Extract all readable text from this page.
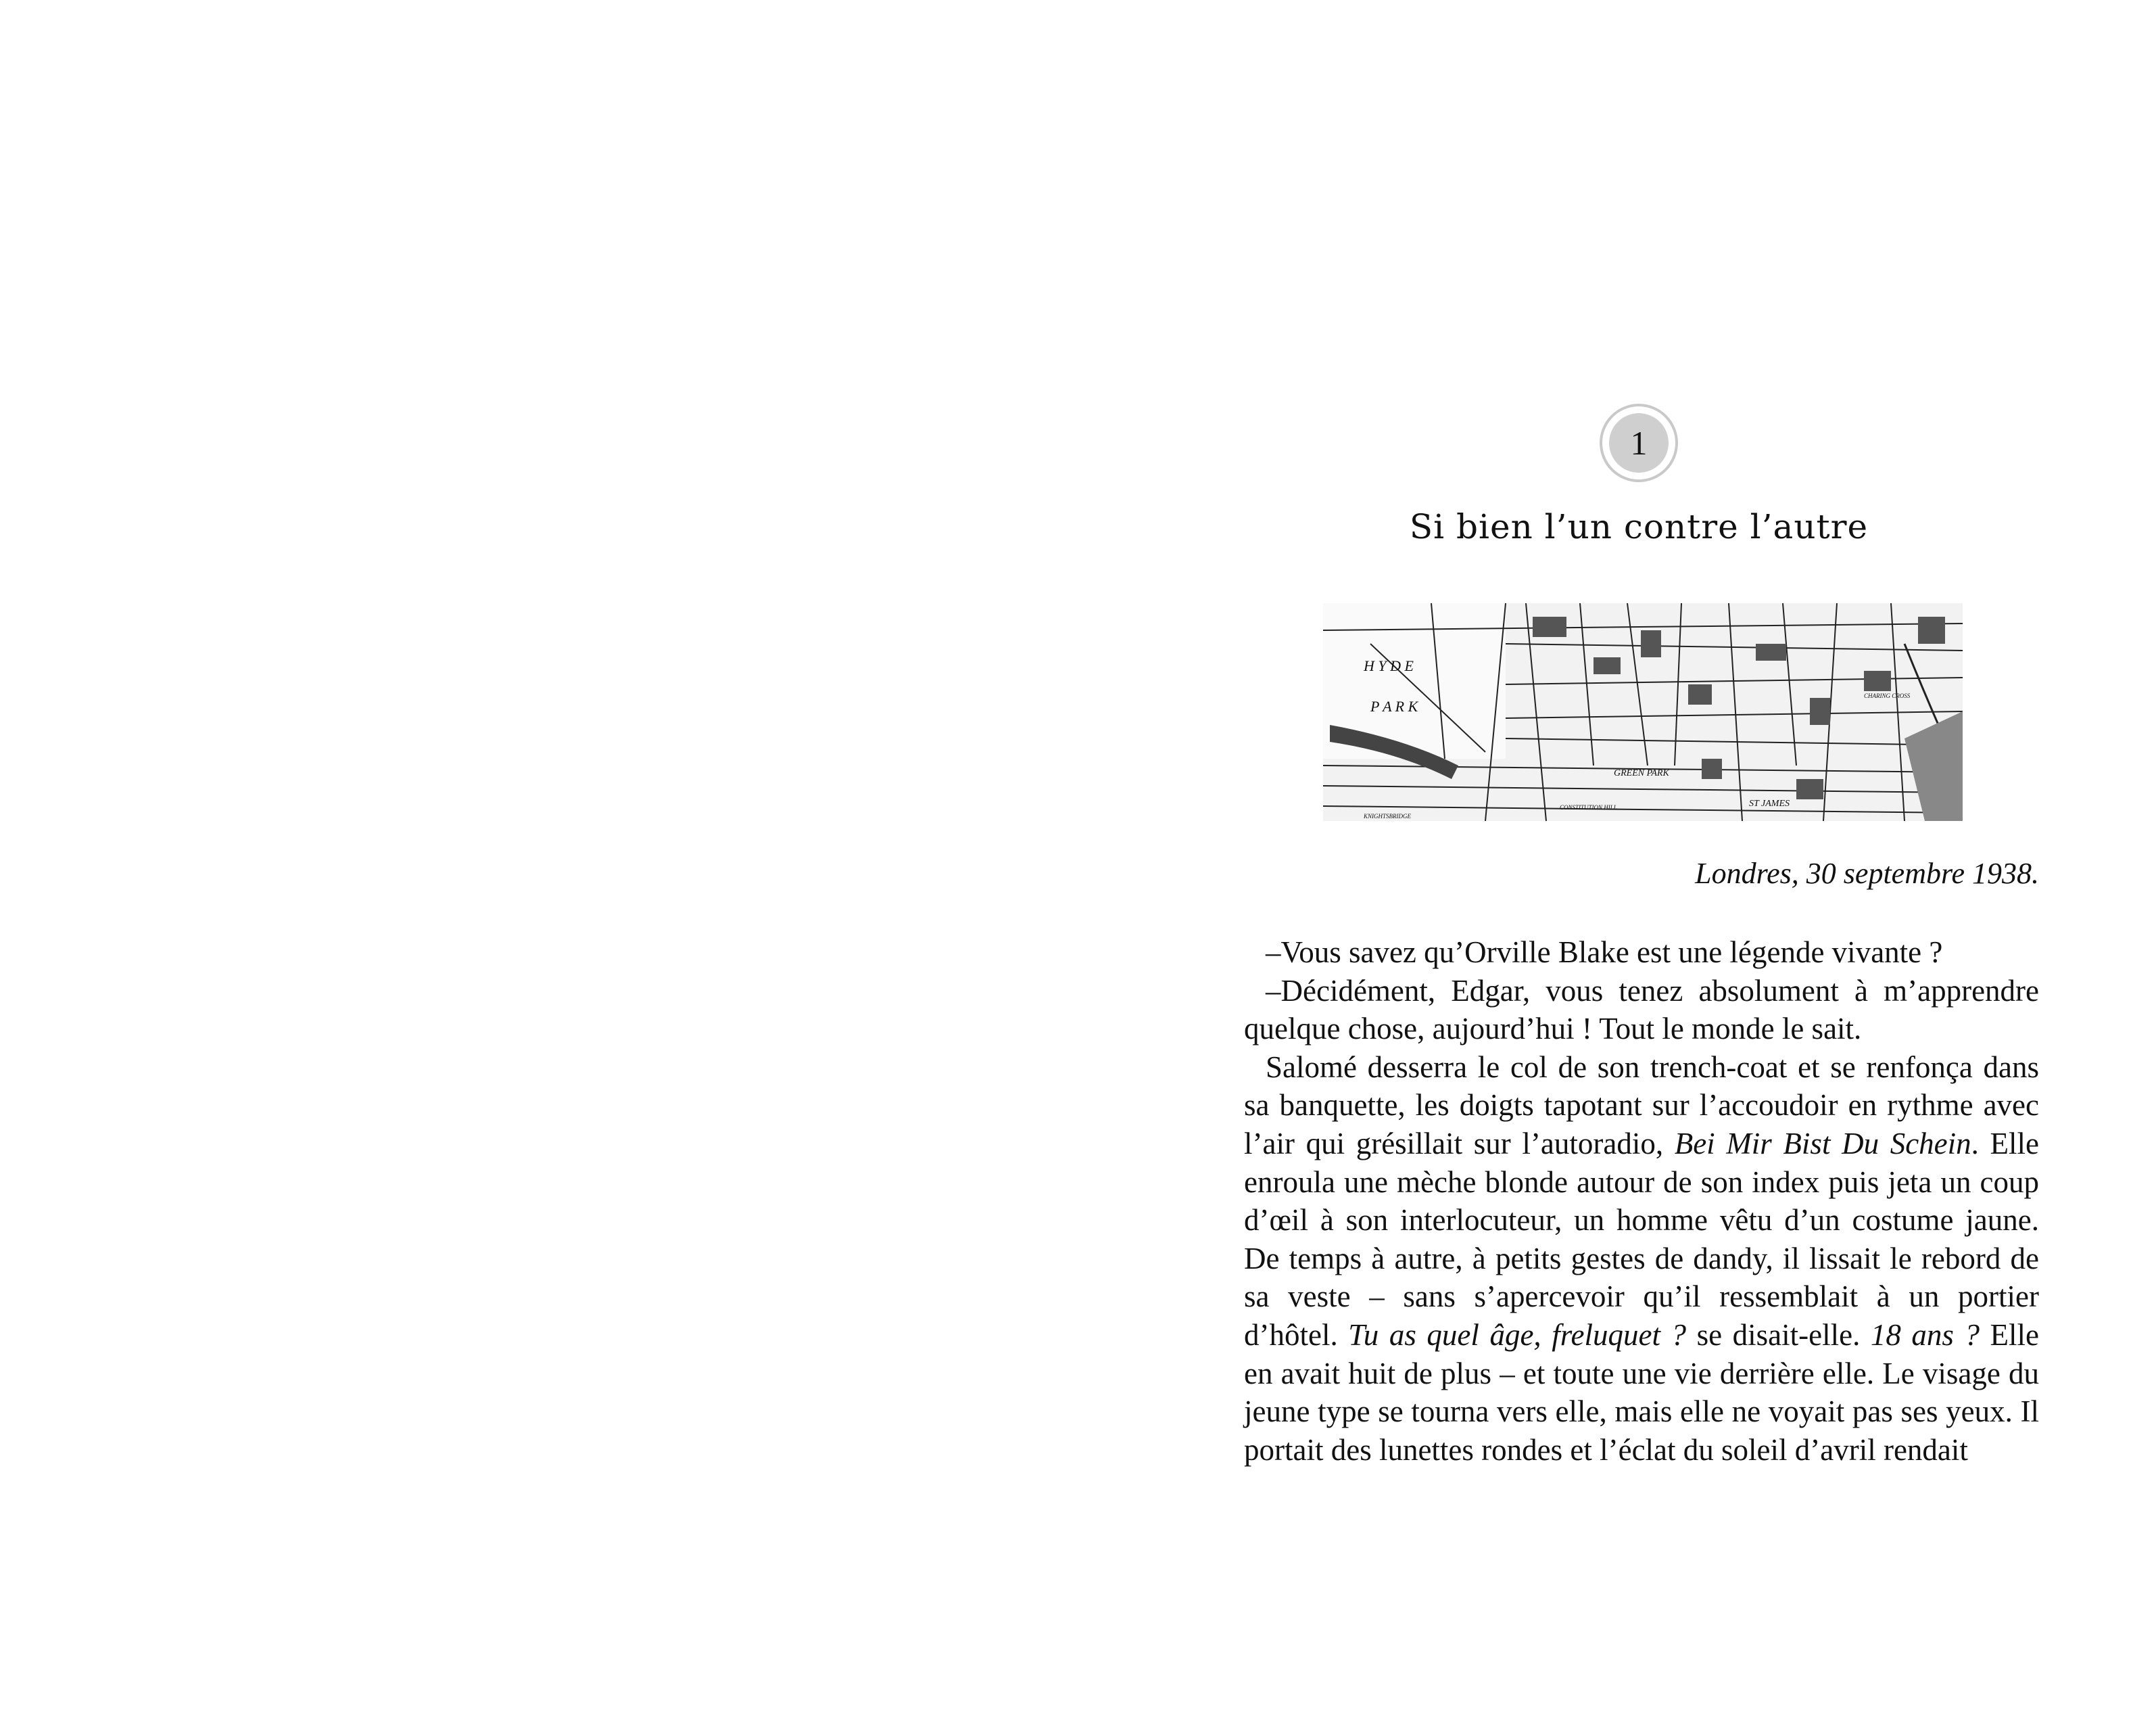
1
Si bien l’un contre l’autre
H Y D E
P A R K
GREEN PARK
ST JAMES
CONSTITUTION HILL
KNIGHTSBRIDGE
CHARING CROSS
Londres, 30 septembre 1938.

–Vous savez qu’Orville Blake est une légende vivante ?

–Décidément, Edgar, vous tenez absolument à m’apprendre quelque chose, aujourd’hui ! Tout le monde le sait.

Salomé desserra le col de son trench-coat et se renfonça dans sa banquette, les doigts tapotant sur l’accoudoir en rythme avec l’air qui grésillait sur l’autoradio, Bei Mir Bist Du Schein. Elle enroula une mèche blonde autour de son index puis jeta un coup d’œil à son interlocuteur, un homme vêtu d’un costume jaune. De temps à autre, à petits gestes de dandy, il lissait le rebord de sa veste – sans s’apercevoir qu’il ressemblait à un portier d’hôtel. Tu as quel âge, freluquet ? se disait-elle. 18 ans ? Elle en avait huit de plus – et toute une vie derrière elle. Le visage du jeune type se tourna vers elle, mais elle ne voyait pas ses yeux. Il portait des lunettes rondes et l’éclat du soleil d’avril rendait
